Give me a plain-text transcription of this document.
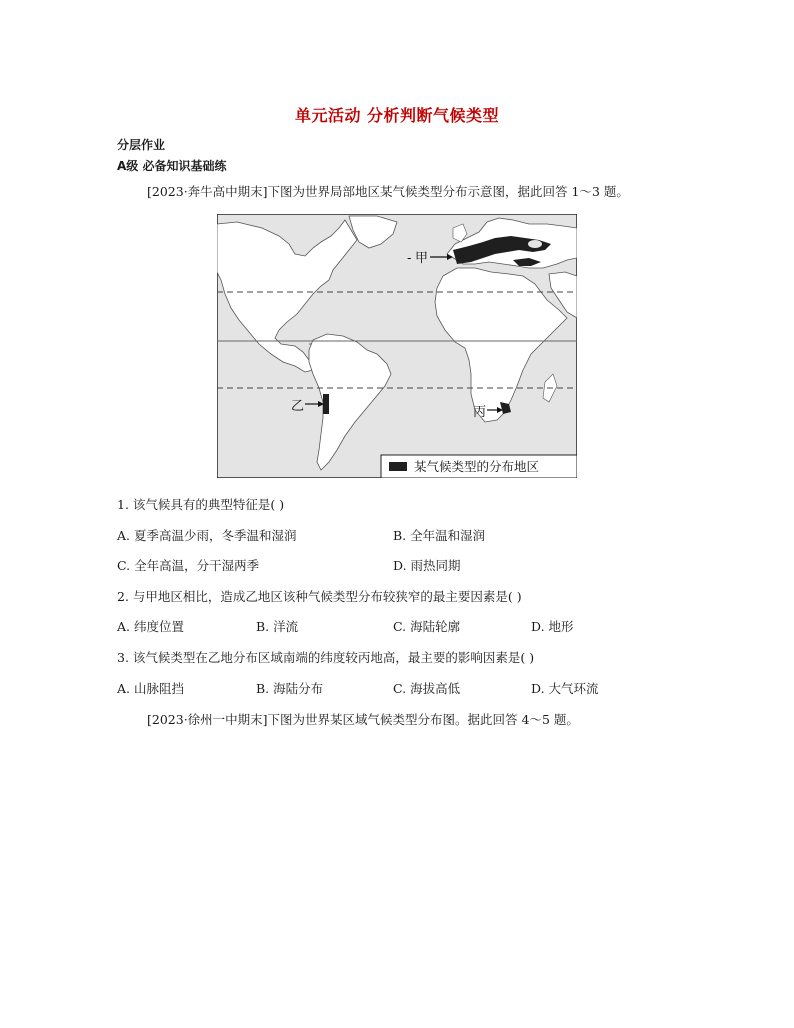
单元活动 分析判断气候类型
分层作业
A级 必备知识基础练
[2023·奔牛高中期末]下图为世界局部地区某气候类型分布示意图，据此回答 1～3 题。
- 甲
乙	丙
某气候类型的分布地区
1. 该气候具有的典型特征是( )
A. 夏季高温少雨，冬季温和湿润	B. 全年温和湿润
C. 全年高温，分干湿两季	D. 雨热同期
2. 与甲地区相比，造成乙地区该种气候类型分布较狭窄的最主要因素是( )
A. 纬度位置	B. 洋流	C. 海陆轮廓	D. 地形
3. 该气候类型在乙地分布区域南端的纬度较丙地高，最主要的影响因素是( )
A. 山脉阻挡	B. 海陆分布	C. 海拔高低	D. 大气环流
[2023·徐州一中期末]下图为世界某区域气候类型分布图。据此回答 4～5 题。
